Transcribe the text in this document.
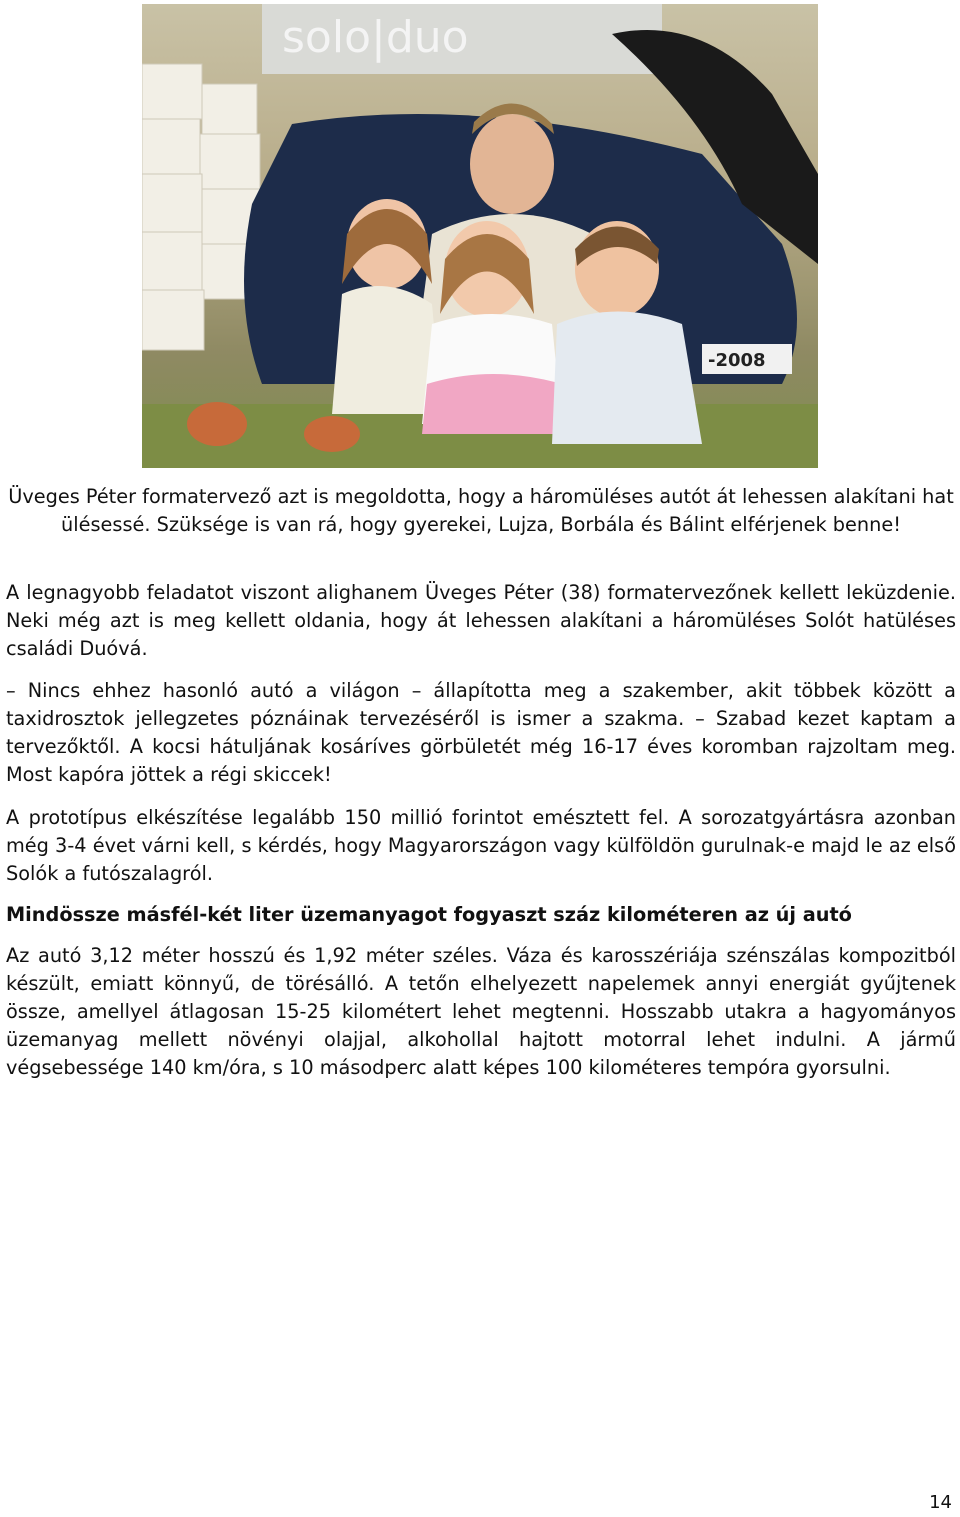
solo|duo
-2008

Üveges Péter formatervező azt is megoldotta, hogy a háromüléses autót át lehessen alakítani hat ülésessé. Szüksége is van rá, hogy gyerekei, Lujza, Borbála és Bálint elférjenek benne!

A legnagyobb feladatot viszont alighanem Üveges Péter (38) formatervezőnek kellett leküzdenie. Neki még azt is meg kellett oldania, hogy át lehessen alakítani a háromüléses Solót hatüléses családi Duóvá.

– Nincs ehhez hasonló autó a világon – állapította meg a szakember, akit többek között a taxidrosztok jellegzetes póznáinak tervezéséről is ismer a szakma. – Szabad kezet kaptam a tervezőktől. A kocsi hátuljának kosáríves görbületét még 16-17 éves koromban rajzoltam meg. Most kapóra jöttek a régi skiccek!

A prototípus elkészítése legalább 150 millió forintot emésztett fel. A sorozatgyártásra azonban még 3-4 évet várni kell, s kérdés, hogy Magyarországon vagy külföldön gurulnak-e majd le az első Solók a futószalagról.

Mindössze másfél-két liter üzemanyagot fogyaszt száz kilométeren az új autó

Az autó 3,12 méter hosszú és 1,92 méter széles. Váza és karosszériája szénszálas kompozitból készült, emiatt könnyű, de törésálló. A tetőn elhelyezett napelemek annyi energiát gyűjtenek össze, amellyel átlagosan 15-25 kilométert lehet megtenni. Hosszabb utakra a hagyományos üzemanyag mellett növényi olajjal, alkohollal hajtott motorral lehet indulni. A jármű végsebessége 140 km/óra, s 10 másodperc alatt képes 100 kilométeres tempóra gyorsulni.

14
